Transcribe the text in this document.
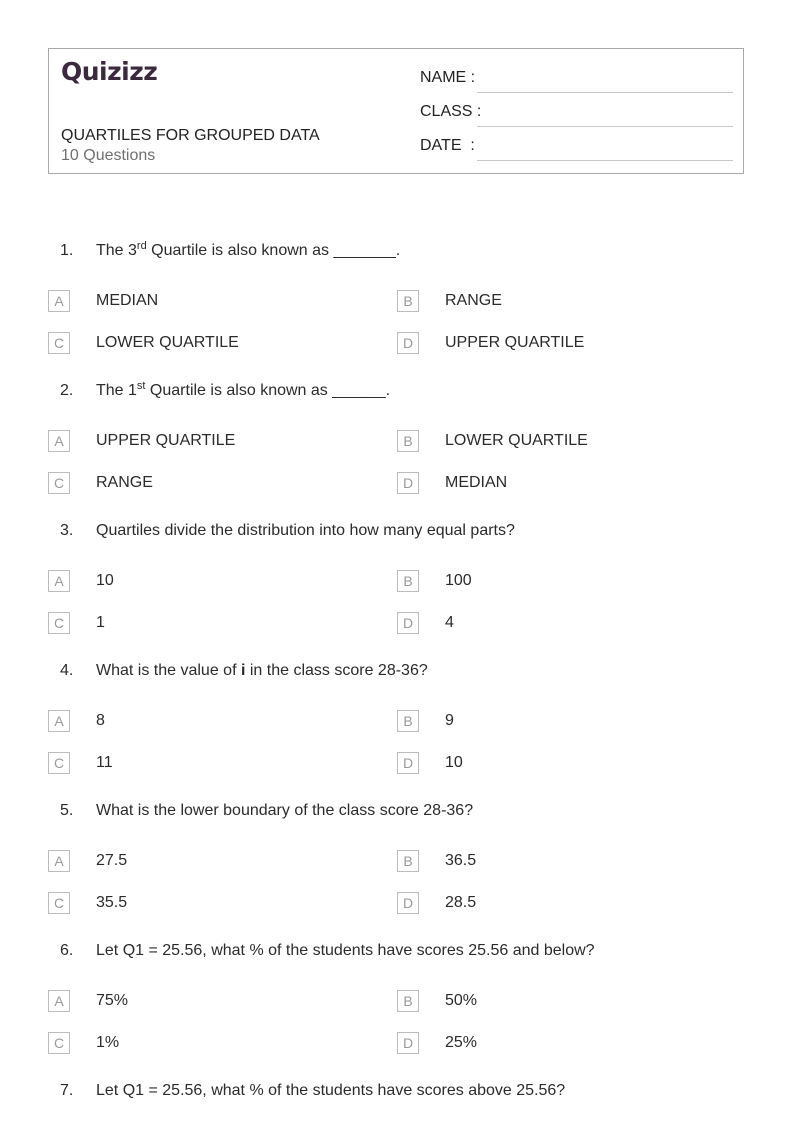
Quizizz
QUARTILES FOR GROUPED DATA
10 Questions
NAME :
CLASS :
DATE  :
1. The 3rd Quartile is also known as _______.
A	MEDIAN	B	RANGE
C	LOWER QUARTILE	D	UPPER QUARTILE
2. The 1st Quartile is also known as ______.
A	UPPER QUARTILE	B	LOWER QUARTILE
C	RANGE	D	MEDIAN
3. Quartiles divide the distribution into how many equal parts?
A	10	B	100
C	1	D	4
4. What is the value of i in the class score 28-36?
A	8	B	9
C	11	D	10
5. What is the lower boundary of the class score 28-36?
A	27.5	B	36.5
C	35.5	D	28.5
6. Let Q1 = 25.56, what % of the students have scores 25.56 and below?
A	75%	B	50%
C	1%	D	25%
7. Let Q1 = 25.56, what % of the students have scores above 25.56?
